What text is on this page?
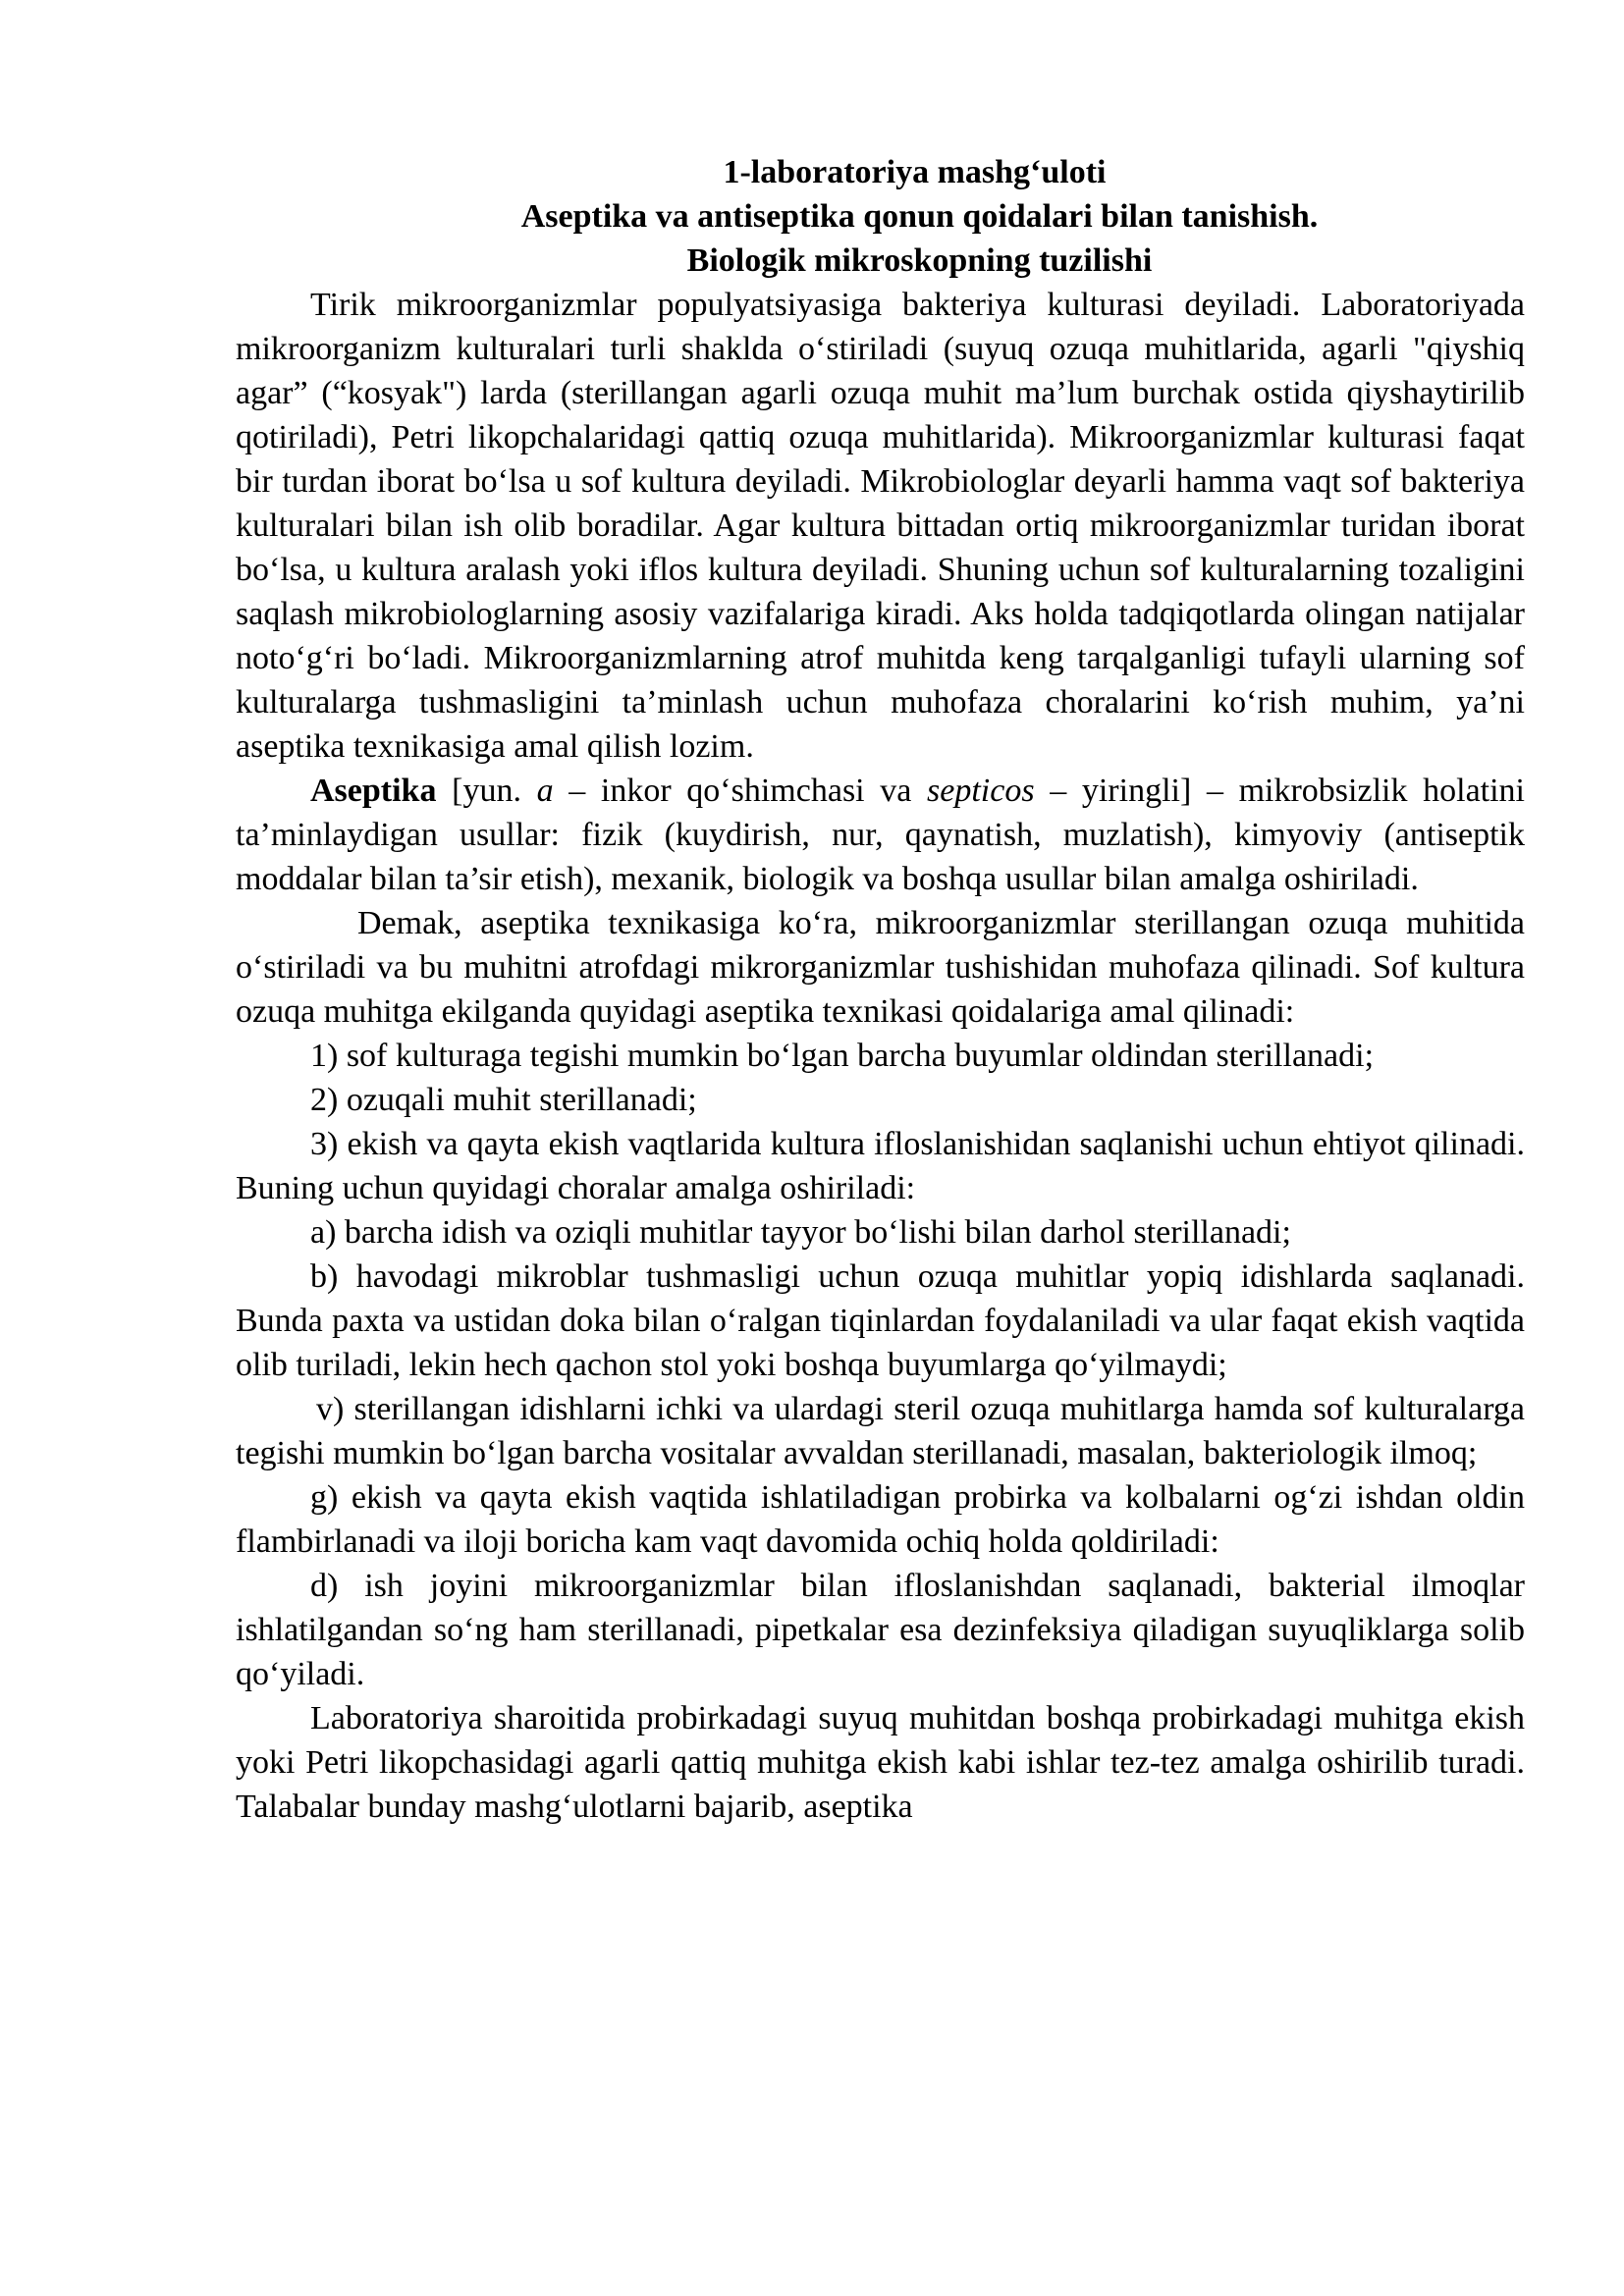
1-laboratoriya mashg‘uloti
Aseptika va antiseptika qonun qoidalari bilan tanishish.
Biologik mikroskopning tuzilishi

Tirik mikroorganizmlar populyatsiyasiga bakteriya kulturasi deyiladi. Laboratoriyada mikroorganizm kulturalari turli shaklda o‘stiriladi (suyuq ozuqa muhitlarida, agarli "qiyshiq agar” (“kosyak") larda (sterillangan agarli ozuqa muhit ma’lum burchak ostida qiyshaytirilib qotiriladi), Petri likopchalaridagi qattiq ozuqa muhitlarida). Mikroorganizmlar kulturasi faqat bir turdan iborat bo‘lsa u sof kultura deyiladi. Mikrobiologlar deyarli hamma vaqt sof bakteriya kulturalari bilan ish olib boradilar. Agar kultura bittadan ortiq mikroorganizmlar turidan iborat bo‘lsa, u kultura aralash yoki iflos kultura deyiladi. Shuning uchun sof kulturalarning tozaligini saqlash mikrobiologlarning asosiy vazifalariga kiradi. Aks holda tadqiqotlarda olingan natijalar noto‘g‘ri bo‘ladi. Mikroorganizmlarning atrof muhitda keng tarqalganligi tufayli ularning sof kulturalarga tushmasligini ta’minlash uchun muhofaza choralarini ko‘rish muhim, ya’ni aseptika texnikasiga amal qilish lozim.

Aseptika [yun. a – inkor qo‘shimchasi va septicos – yiringli] – mikrobsizlik holatini ta’minlaydigan usullar: fizik (kuydirish, nur, qaynatish, muzlatish), kimyoviy (antiseptik moddalar bilan ta’sir etish), mexanik, biologik va boshqa usullar bilan amalga oshiriladi.

Demak, aseptika texnikasiga ko‘ra, mikroorganizmlar sterillangan ozuqa muhitida o‘stiriladi va bu muhitni atrofdagi mikrorganizmlar tushishidan muhofaza qilinadi. Sof kultura ozuqa muhitga ekilganda quyidagi aseptika texnikasi qoidalariga amal qilinadi:

1) sof kulturaga tegishi mumkin bo‘lgan barcha buyumlar oldindan sterillanadi;

2) ozuqali muhit sterillanadi;

3) ekish va qayta ekish vaqtlarida kultura ifloslanishidan saqlanishi uchun ehtiyot qilinadi. Buning uchun quyidagi choralar amalga oshiriladi:

a) barcha idish va oziqli muhitlar tayyor bo‘lishi bilan darhol sterillanadi;

b) havodagi mikroblar tushmasligi uchun ozuqa muhitlar yopiq idishlarda saqlanadi. Bunda paxta va ustidan doka bilan o‘ralgan tiqinlardan foydalaniladi va ular faqat ekish vaqtida olib turiladi, lekin hech qachon stol yoki boshqa buyumlarga qo‘yilmaydi;

v) sterillangan idishlarni ichki va ulardagi steril ozuqa muhitlarga hamda sof kulturalarga tegishi mumkin bo‘lgan barcha vositalar avvaldan sterillanadi, masalan, bakteriologik ilmoq;

g) ekish va qayta ekish vaqtida ishlatiladigan probirka va kolbalarni og‘zi ishdan oldin flambirlanadi va iloji boricha kam vaqt davomida ochiq holda qoldiriladi:

d) ish joyini mikroorganizmlar bilan ifloslanishdan saqlanadi, bakterial ilmoqlar ishlatilgandan so‘ng ham sterillanadi, pipetkalar esa dezinfeksiya qiladigan suyuqliklarga solib qo‘yiladi.

Laboratoriya sharoitida probirkadagi suyuq muhitdan boshqa probirkadagi muhitga ekish yoki Petri likopchasidagi agarli qattiq muhitga ekish kabi ishlar tez-tez amalga oshirilib turadi. Talabalar bunday mashg‘ulotlarni bajarib, aseptika
